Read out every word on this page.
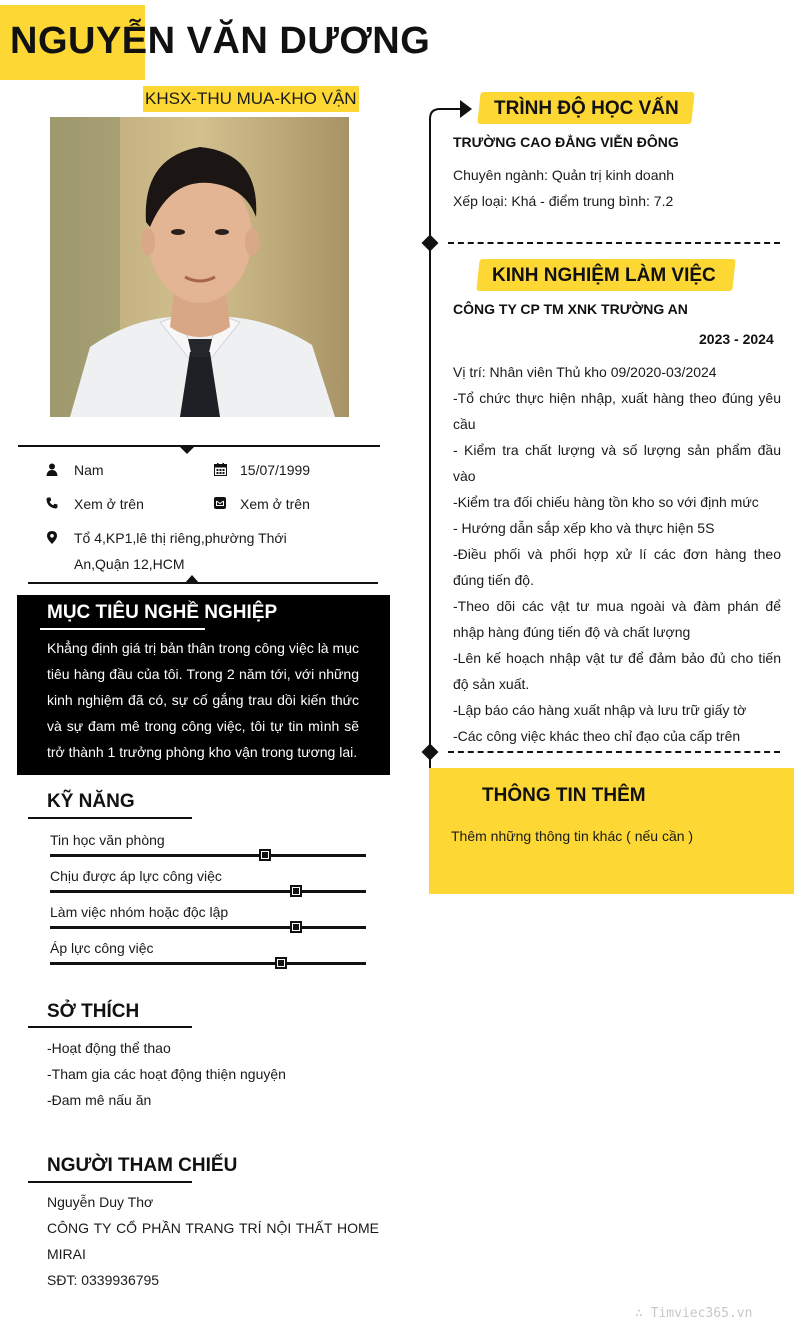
NGUYỄN VĂN DƯƠNG
KHSX-THU MUA-KHO VẬN
Nam	15/07/1999
Xem ở trên	Xem ở trên
Tổ 4,KP1,lê thị riêng,phường Thới An,Quận 12,HCM
MỤC TIÊU NGHỀ NGHIỆP
Khẳng định giá trị bản thân trong công việc là mục tiêu hàng đầu của tôi. Trong 2 năm tới, với những kinh nghiệm đã có, sự cố gắng trau dồi kiến thức và sự đam mê trong công việc, tôi tự tin mình sẽ trở thành 1 trưởng phòng kho vận trong tương lai.
KỸ NĂNG
Tin học văn phòng
Chịu được áp lực công việc
Làm việc nhóm hoặc độc lập
Áp lực công việc
SỞ THÍCH
-Hoạt động thể thao
-Tham gia các hoạt động thiện nguyện
-Đam mê nấu ăn
NGƯỜI THAM CHIẾU
Nguyễn Duy Thơ
CÔNG TY CỔ PHẦN TRANG TRÍ NỘI THẤT HOME MIRAI
SĐT: 0339936795
TRÌNH ĐỘ HỌC VẤN
TRƯỜNG CAO ĐẲNG VIỄN ĐÔNG
Chuyên ngành: Quản trị kinh doanh
Xếp loại: Khá - điểm trung bình: 7.2
KINH NGHIỆM LÀM VIỆC
CÔNG TY CP TM XNK TRƯỜNG AN
2023 - 2024
Vị trí: Nhân viên Thủ kho 09/2020-03/2024
-Tổ chức thực hiện nhập, xuất hàng theo đúng yêu cầu
- Kiểm tra chất lượng và số lượng sản phẩm đầu vào
-Kiểm tra đối chiếu hàng tồn kho so với định mức
- Hướng dẫn sắp xếp kho và thực hiện 5S
-Điều phối và phối hợp xử lí các đơn hàng theo đúng tiến độ.
-Theo dõi các vật tư mua ngoài và đàm phán để nhập hàng đúng tiến độ và chất lượng
-Lên kế hoạch nhập vật tư để đảm bảo đủ cho tiến độ sản xuất.
-Lập báo cáo hàng xuất nhập và lưu trữ giấy tờ
-Các công việc khác theo chỉ đạo của cấp trên
THÔNG TIN THÊM
Thêm những thông tin khác ( nếu cần )
∴ Timviec365.vn
